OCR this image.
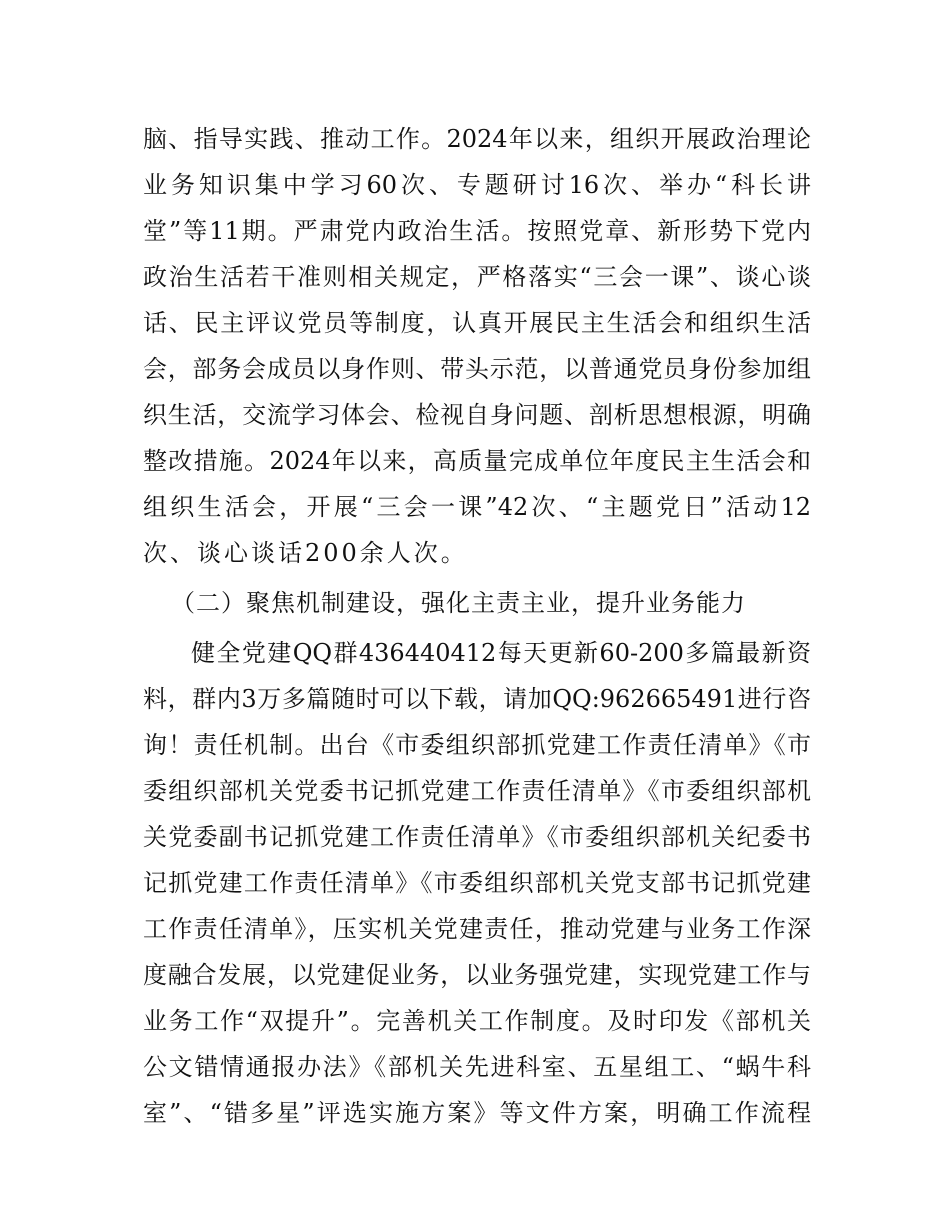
脑、指导实践、推动工作。2024年以来，组织开展政治理论
业务知识集中学习60次、专题研讨16次、举办“科长讲
堂”等11期。严肃党内政治生活。按照党章、新形势下党内
政治生活若干准则相关规定，严格落实“三会一课”、谈心谈
话、民主评议党员等制度，认真开展民主生活会和组织生活
会，部务会成员以身作则、带头示范，以普通党员身份参加组
织生活，交流学习体会、检视自身问题、剖析思想根源，明确
整改措施。2024年以来，高质量完成单位年度民主生活会和
组织生活会，开展“三会一课”42次、“主题党日”活动12
次、谈心谈话200余人次。
（二）聚焦机制建设，强化主责主业，提升业务能力
健全党建QQ群436440412每天更新60-200多篇最新资
料，群内3万多篇随时可以下载，请加QQ:962665491进行咨
询！责任机制。出台《市委组织部抓党建工作责任清单》《市
委组织部机关党委书记抓党建工作责任清单》《市委组织部机
关党委副书记抓党建工作责任清单》《市委组织部机关纪委书
记抓党建工作责任清单》《市委组织部机关党支部书记抓党建
工作责任清单》，压实机关党建责任，推动党建与业务工作深
度融合发展，以党建促业务，以业务强党建，实现党建工作与
业务工作“双提升”。完善机关工作制度。及时印发《部机关
公文错情通报办法》《部机关先进科室、五星组工、“蜗牛科
室”、“错多星”评选实施方案》等文件方案，明确工作流程
